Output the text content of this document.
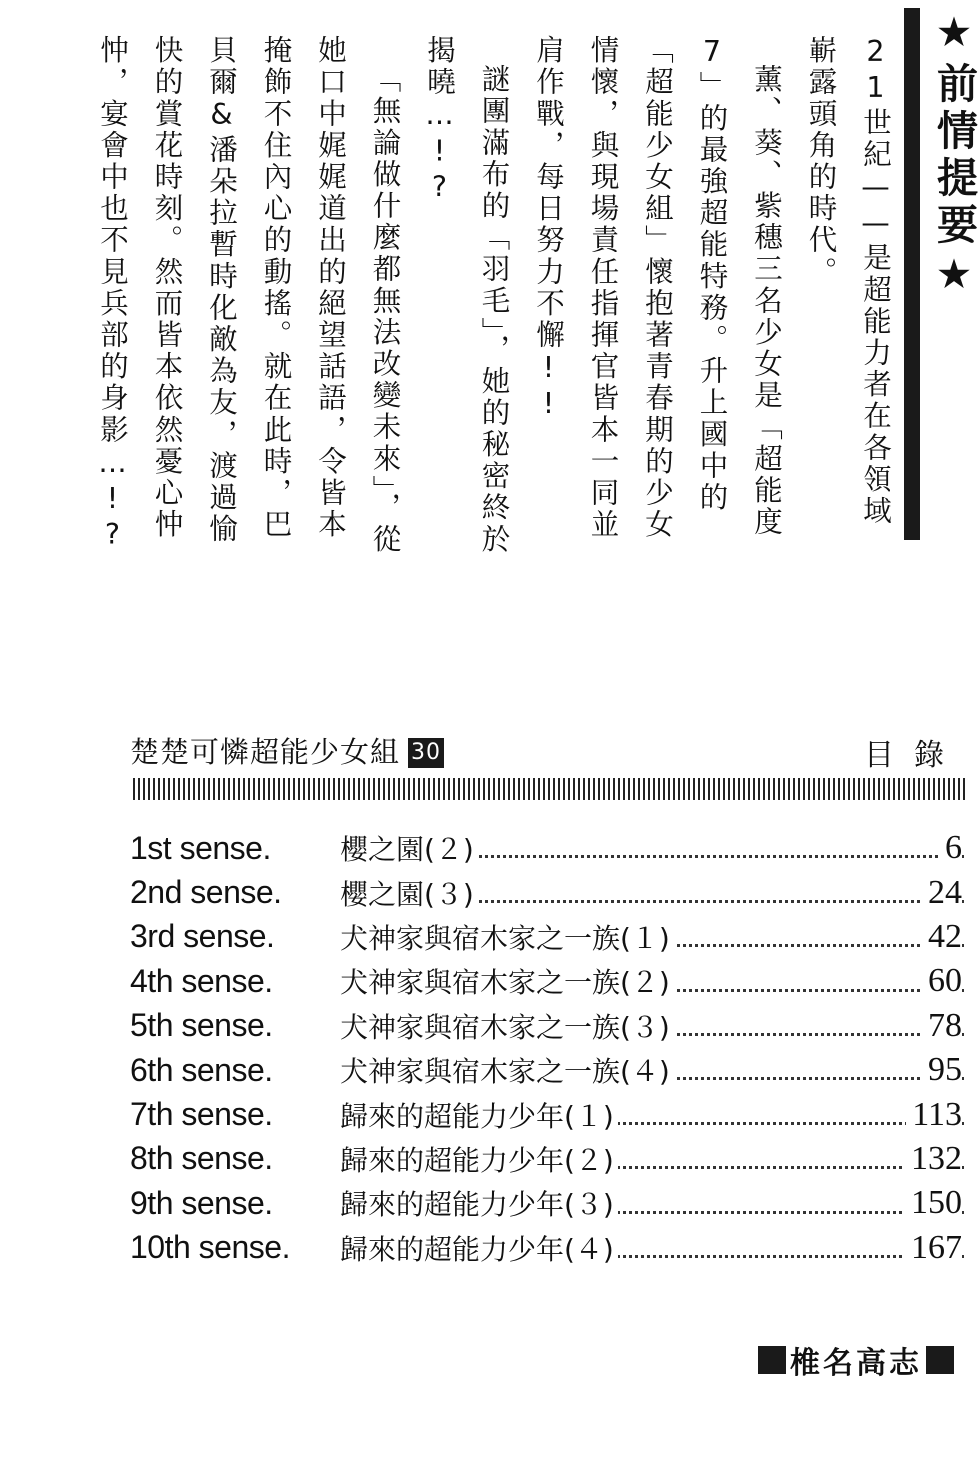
★前情提要★

21世紀——是超能力者在各領域嶄露頭角的時代。

薰、葵、紫穗三名少女是「超能度7」的最強超能特務。升上國中的「超能少女組」懷抱著青春期的少女情懷，與現場責任指揮官皆本一同並肩作戰，每日努力不懈!!

謎團滿布的「羽毛」，她的秘密終於揭曉…!?

「無論做什麼都無法改變未來」，從她口中娓娓道出的絕望話語，令皆本掩飾不住內心的動搖。就在此時，巴貝爾&潘朵拉暫時化敵為友，渡過愉快的賞花時刻。然而皆本依然憂心忡忡，宴會中也不見兵部的身影…!?

楚楚可憐超能少女組 30	目錄
1st sense.	櫻之園(２)	6
2nd sense.	櫻之園(３)	24
3rd sense.	犬神家與宿木家之一族(１)	42
4th sense.	犬神家與宿木家之一族(２)	60
5th sense.	犬神家與宿木家之一族(３)	78
6th sense.	犬神家與宿木家之一族(４)	95
7th sense.	歸來的超能力少年(１)	113
8th sense.	歸來的超能力少年(２)	132
9th sense.	歸來的超能力少年(３)	150
10th sense.	歸來的超能力少年(４)	167
椎名高志
